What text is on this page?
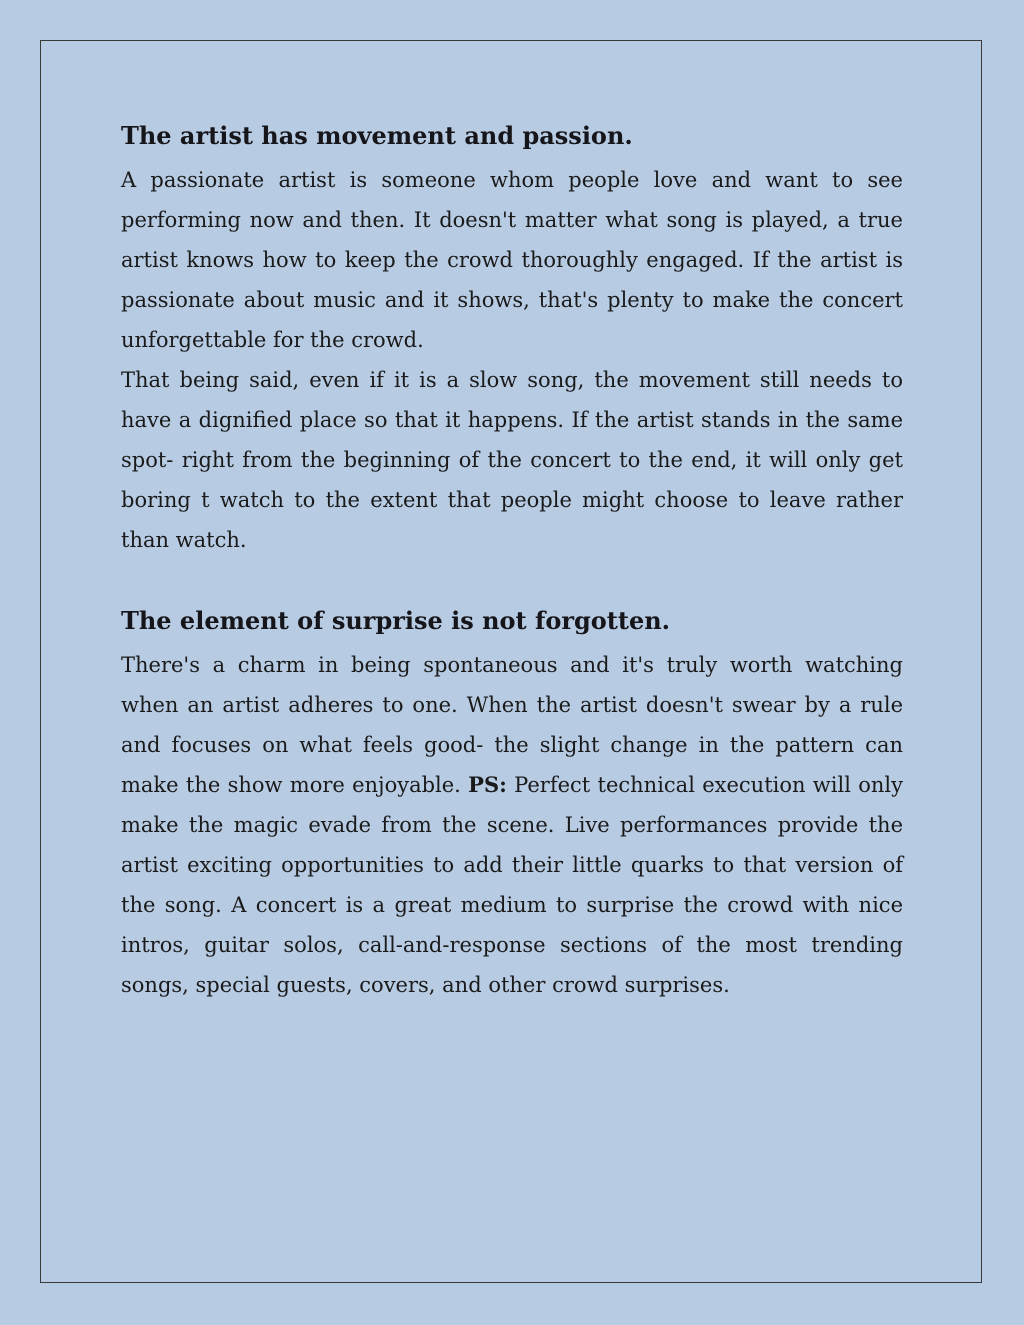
The artist has movement and passion.

A passionate artist is someone whom people love and want to see performing now and then. It doesn't matter what song is played, a true artist knows how to keep the crowd thoroughly engaged. If the artist is passionate about music and it shows, that's plenty to make the concert unforgettable for the crowd.

That being said, even if it is a slow song, the movement still needs to have a dignified place so that it happens. If the artist stands in the same spot- right from the beginning of the concert to the end, it will only get boring t watch to the extent that people might choose to leave rather than watch.

The element of surprise is not forgotten.

There's a charm in being spontaneous and it's truly worth watching when an artist adheres to one. When the artist doesn't swear by a rule and focuses on what feels good- the slight change in the pattern can make the show more enjoyable. PS: Perfect technical execution will only make the magic evade from the scene. Live performances provide the artist exciting opportunities to add their little quarks to that version of the song. A concert is a great medium to surprise the crowd with nice intros, guitar solos, call-and-response sections of the most trending songs, special guests, covers, and other crowd surprises.
